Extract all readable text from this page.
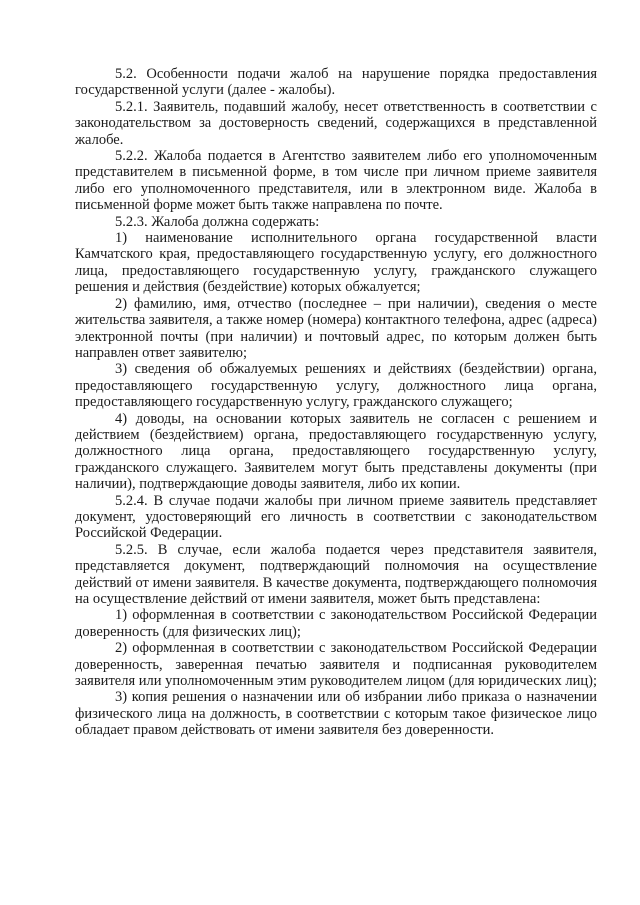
5.2. Особенности подачи жалоб на нарушение порядка предоставления государственной услуги (далее - жалобы).

5.2.1. Заявитель, подавший жалобу, несет ответственность в соответствии с законодательством за достоверность сведений, содержащихся в представленной жалобе.

5.2.2. Жалоба подается в Агентство заявителем либо его уполномоченным представителем в письменной форме, в том числе при личном приеме заявителя либо его уполномоченного представителя, или в электронном виде. Жалоба в письменной форме может быть также направлена по почте.

5.2.3. Жалоба должна содержать:

1) наименование исполнительного органа государственной власти Камчатского края, предоставляющего государственную услугу, его должностного лица, предоставляющего государственную услугу, гражданского служащего решения и действия (бездействие) которых обжалуется;

2) фамилию, имя, отчество (последнее – при наличии), сведения о месте жительства заявителя, а также номер (номера) контактного телефона, адрес (адреса) электронной почты (при наличии) и почтовый адрес, по которым должен быть направлен ответ заявителю;

3) сведения об обжалуемых решениях и действиях (бездействии) органа, предоставляющего государственную услугу, должностного лица органа, предоставляющего государственную услугу, гражданского служащего;

4) доводы, на основании которых заявитель не согласен с решением и действием (бездействием) органа, предоставляющего государственную услугу, должностного лица органа, предоставляющего государственную услугу, гражданского служащего. Заявителем могут быть представлены документы (при наличии), подтверждающие доводы заявителя, либо их копии.

5.2.4. В случае подачи жалобы при личном приеме заявитель представляет документ, удостоверяющий его личность в соответствии с законодательством Российской Федерации.

5.2.5. В случае, если жалоба подается через представителя заявителя, представляется документ, подтверждающий полномочия на осуществление действий от имени заявителя. В качестве документа, подтверждающего полномочия на осуществление действий от имени заявителя, может быть представлена:

1) оформленная в соответствии с законодательством Российской Федерации доверенность (для физических лиц);

2) оформленная в соответствии с законодательством Российской Федерации доверенность, заверенная печатью заявителя и подписанная руководителем заявителя или уполномоченным этим руководителем лицом (для юридических лиц);

3) копия решения о назначении или об избрании либо приказа о назначении физического лица на должность, в соответствии с которым такое физическое лицо обладает правом действовать от имени заявителя без доверенности.
